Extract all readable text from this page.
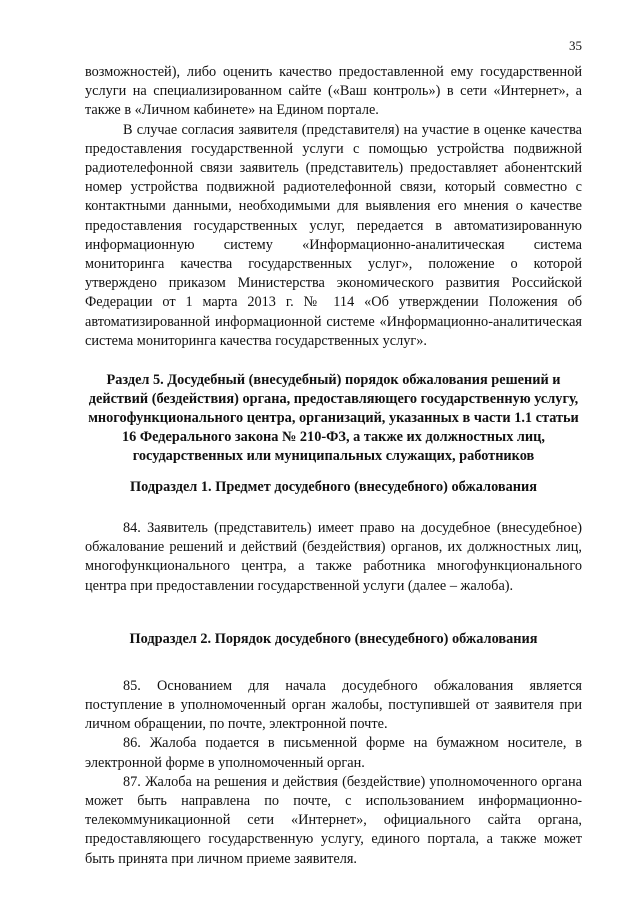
35

возможностей), либо оценить качество предоставленной ему государственной услуги на специализированном сайте («Ваш контроль») в сети «Интернет», а также в «Личном кабинете» на Едином портале.

В случае согласия заявителя (представителя) на участие в оценке качества предоставления государственной услуги с помощью устройства подвижной радиотелефонной связи заявитель (представитель) предоставляет абонентский номер устройства подвижной радиотелефонной связи, который совместно с контактными данными, необходимыми для выявления его мнения о качестве предоставления государственных услуг, передается в автоматизированную информационную систему «Информационно-аналитическая система мониторинга качества государственных услуг», положение о которой утверждено приказом Министерства экономического развития Российской Федерации от 1 марта 2013 г. № 114 «Об утверждении Положения об автоматизированной информационной системе «Информационно-аналитическая система мониторинга качества государственных услуг».

Раздел 5. Досудебный (внесудебный) порядок обжалования решений и действий (бездействия) органа, предоставляющего государственную услугу, многофункционального центра, организаций, указанных в части 1.1 статьи 16 Федерального закона № 210-ФЗ, а также их должностных лиц, государственных или муниципальных служащих, работников

Подраздел 1. Предмет досудебного (внесудебного) обжалования

84. Заявитель (представитель) имеет право на досудебное (внесудебное) обжалование решений и действий (бездействия) органов, их должностных лиц, многофункционального центра, а также работника многофункционального центра при предоставлении государственной услуги (далее – жалоба).

Подраздел 2. Порядок досудебного (внесудебного) обжалования

85. Основанием для начала досудебного обжалования является поступление в уполномоченный орган жалобы, поступившей от заявителя при личном обращении, по почте, электронной почте.

86. Жалоба подается в письменной форме на бумажном носителе, в электронной форме в уполномоченный орган.

87. Жалоба на решения и действия (бездействие) уполномоченного органа может быть направлена по почте, с использованием информационно-телекоммуникационной сети «Интернет», официального сайта органа, предоставляющего государственную услугу, единого портала, а также может быть принята при личном приеме заявителя.
